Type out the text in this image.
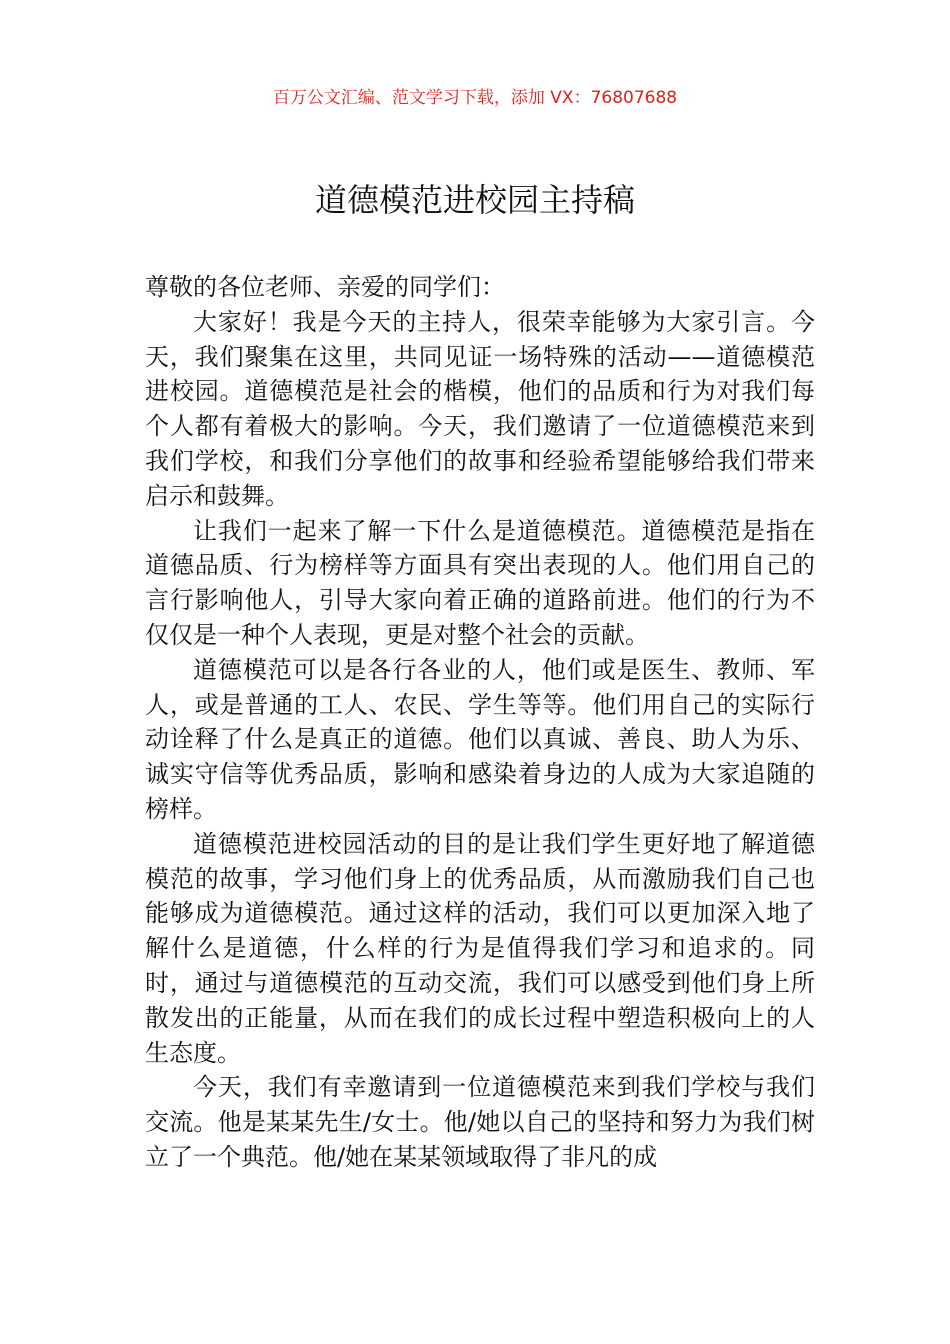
百万公文汇编、范文学习下载，添加 VX：76807688
道德模范进校园主持稿

尊敬的各位老师、亲爱的同学们：

大家好！我是今天的主持人，很荣幸能够为大家引言。今天，我们聚集在这里，共同见证一场特殊的活动——道德模范进校园。道德模范是社会的楷模，他们的品质和行为对我们每个人都有着极大的影响。今天，我们邀请了一位道德模范来到我们学校，和我们分享他们的故事和经验希望能够给我们带来启示和鼓舞。

让我们一起来了解一下什么是道德模范。道德模范是指在道德品质、行为榜样等方面具有突出表现的人。他们用自己的言行影响他人，引导大家向着正确的道路前进。他们的行为不仅仅是一种个人表现，更是对整个社会的贡献。

道德模范可以是各行各业的人，他们或是医生、教师、军人，或是普通的工人、农民、学生等等。他们用自己的实际行动诠释了什么是真正的道德。他们以真诚、善良、助人为乐、诚实守信等优秀品质，影响和感染着身边的人成为大家追随的榜样。

道德模范进校园活动的目的是让我们学生更好地了解道德模范的故事，学习他们身上的优秀品质，从而激励我们自己也能够成为道德模范。通过这样的活动，我们可以更加深入地了解什么是道德，什么样的行为是值得我们学习和追求的。同时，通过与道德模范的互动交流，我们可以感受到他们身上所散发出的正能量，从而在我们的成长过程中塑造积极向上的人生态度。

今天，我们有幸邀请到一位道德模范来到我们学校与我们交流。他是某某先生/女士。他/她以自己的坚持和努力为我们树立了一个典范。他/她在某某领域取得了非凡的成
